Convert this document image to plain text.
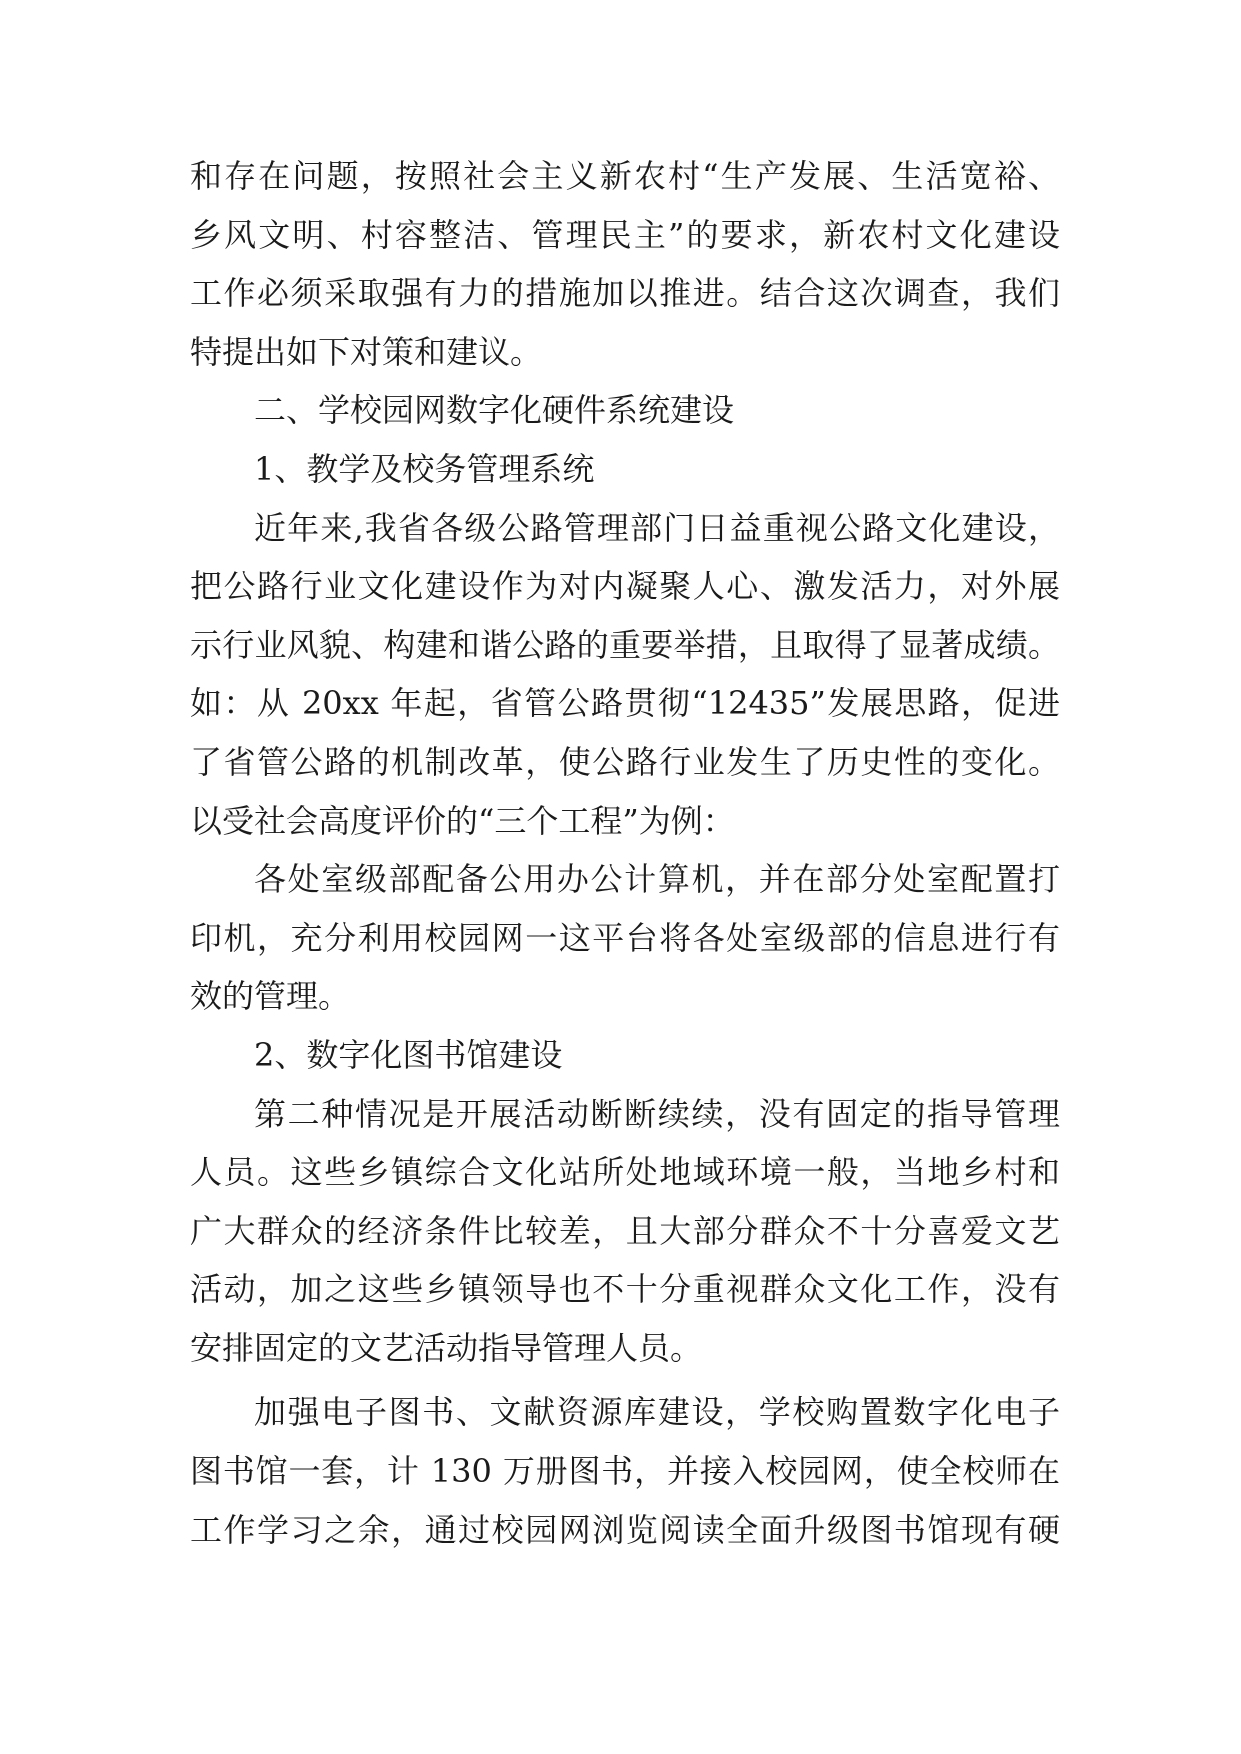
和存在问题，按照社会主义新农村“生产发展、生活宽裕、
乡风文明、村容整洁、管理民主”的要求，新农村文化建设
工作必须采取强有力的措施加以推进。结合这次调查，我们
特提出如下对策和建议。
二、学校园网数字化硬件系统建设
1、教学及校务管理系统
近年来,我省各级公路管理部门日益重视公路文化建设，
把公路行业文化建设作为对内凝聚人心、激发活力，对外展
示行业风貌、构建和谐公路的重要举措，且取得了显著成绩。
如：从 20xx 年起，省管公路贯彻“12435”发展思路，促进
了省管公路的机制改革，使公路行业发生了历史性的变化。
以受社会高度评价的“三个工程”为例：
各处室级部配备公用办公计算机，并在部分处室配置打
印机，充分利用校园网一这平台将各处室级部的信息进行有
效的管理。
2、数字化图书馆建设
第二种情况是开展活动断断续续，没有固定的指导管理
人员。这些乡镇综合文化站所处地域环境一般，当地乡村和
广大群众的经济条件比较差，且大部分群众不十分喜爱文艺
活动，加之这些乡镇领导也不十分重视群众文化工作，没有
安排固定的文艺活动指导管理人员。
加强电子图书、文献资源库建设，学校购置数字化电子
图书馆一套，计 130 万册图书，并接入校园网，使全校师在
工作学习之余，通过校园网浏览阅读全面升级图书馆现有硬
